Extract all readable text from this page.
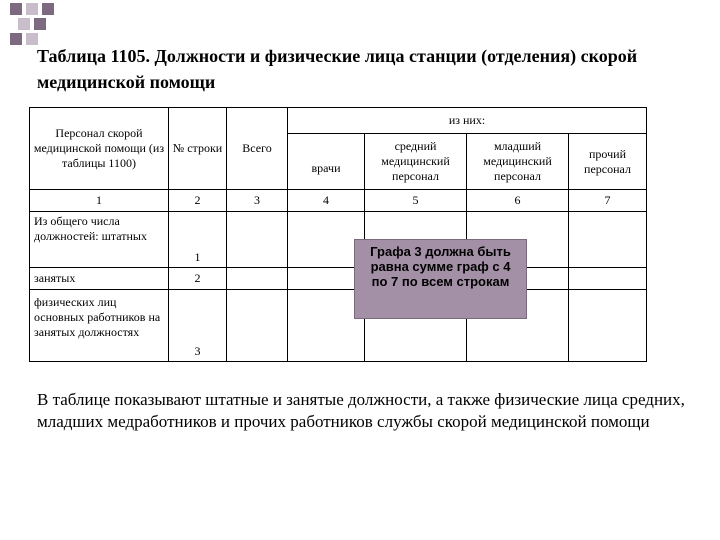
Таблица 1105. Должности и физические лица станции (отделения) скорой медицинской помощи
Персонал скорой медицинской помощи (из таблицы 1100)	№ строки	Всего	из них:			
			врачи	средний медицинский персонал	младший медицинский персонал	прочий персонал
1	2	3	4	5	6	7
Из общего числа должностей: штатных	1					
занятых	2					
физических лиц основных работников на занятых должностях	3					
Графа 3 должна быть равна сумме граф с 4 по 7 по всем строкам
В таблице показывают штатные и занятые должности, а также физические лица средних, младших медработников и прочих работников службы скорой медицинской помощи
